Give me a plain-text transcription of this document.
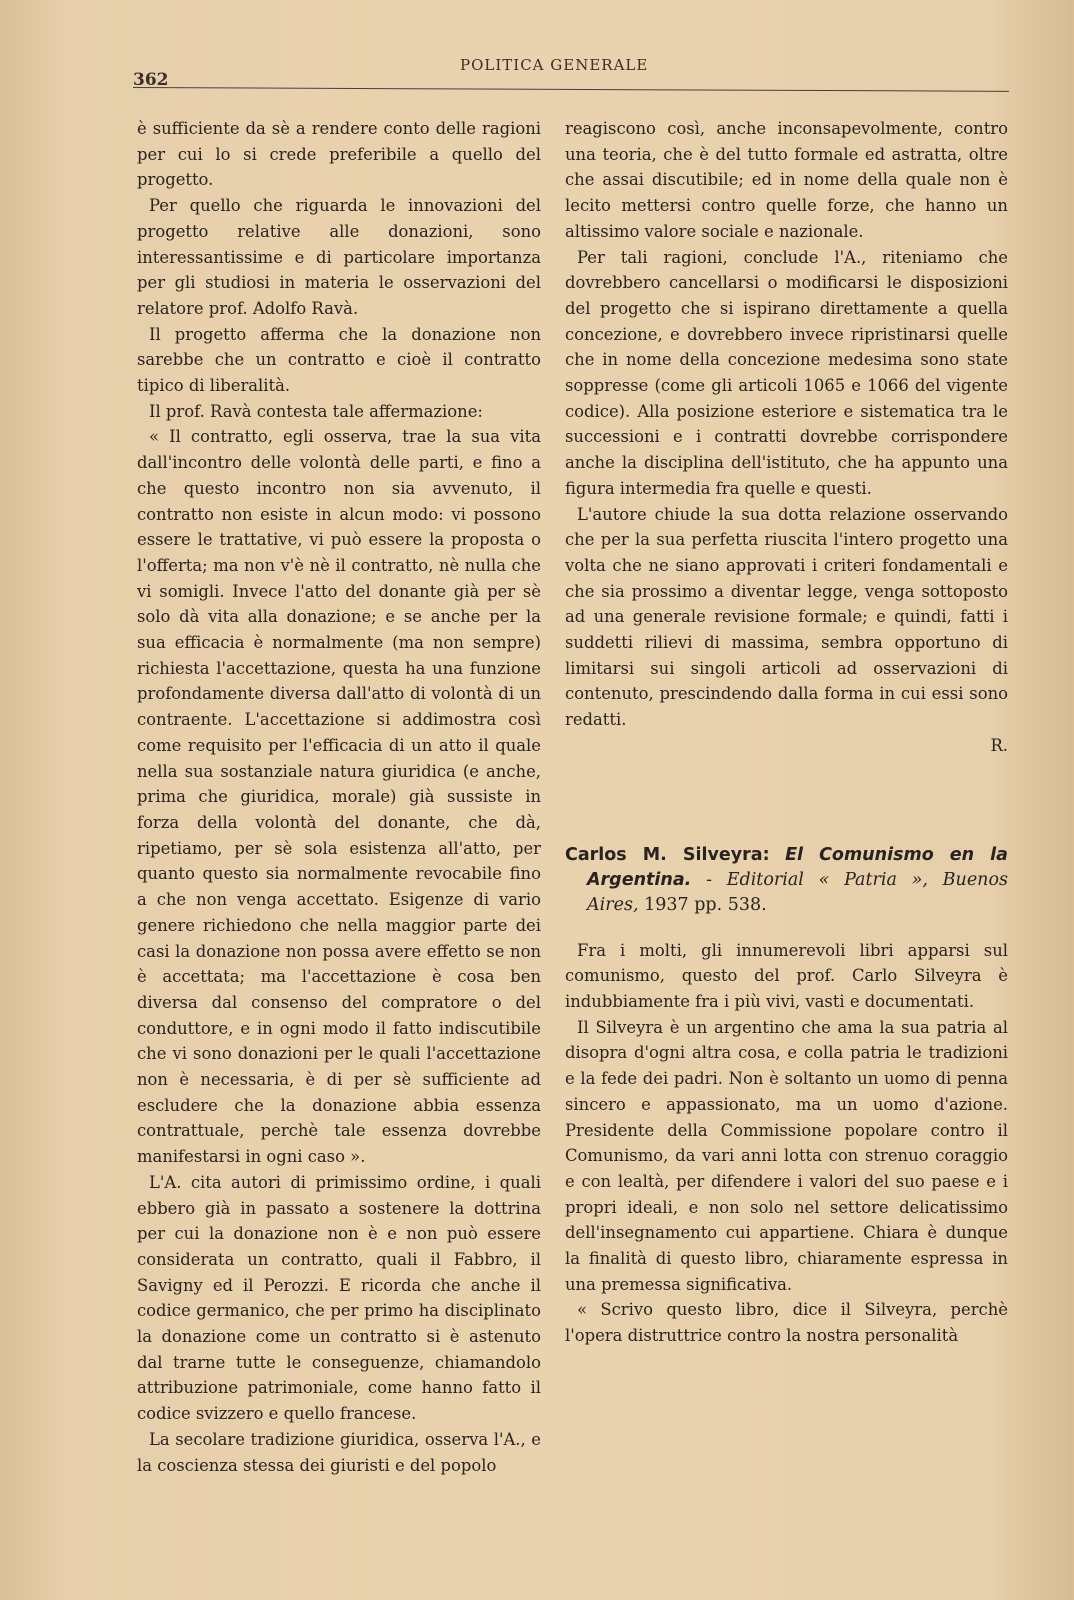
362
POLITICA GENERALE

è sufficiente da sè a rendere conto delle ragioni per cui lo si crede preferibile a quello del progetto.

Per quello che riguarda le innovazioni del progetto relative alle donazioni, sono interessantissime e di particolare importanza per gli studiosi in materia le osservazioni del relatore prof. Adolfo Ravà.

Il progetto afferma che la donazione non sarebbe che un contratto e cioè il contratto tipico di liberalità.

Il prof. Ravà contesta tale affermazione:

« Il contratto, egli osserva, trae la sua vita dall'incontro delle volontà delle parti, e fino a che questo incontro non sia avvenuto, il contratto non esiste in alcun modo: vi possono essere le trattative, vi può essere la proposta o l'offerta; ma non v'è nè il contratto, nè nulla che vi somigli. Invece l'atto del donante già per sè solo dà vita alla donazione; e se anche per la sua efficacia è normalmente (ma non sempre) richiesta l'accettazione, questa ha una funzione profondamente diversa dall'atto di volontà di un contraente. L'accettazione si addimostra così come requisito per l'efficacia di un atto il quale nella sua sostanziale natura giuridica (e anche, prima che giuridica, morale) già sussiste in forza della volontà del donante, che dà, ripetiamo, per sè sola esistenza all'atto, per quanto questo sia normalmente revocabile fino a che non venga accettato. Esigenze di vario genere richiedono che nella maggior parte dei casi la donazione non possa avere effetto se non è accettata; ma l'accettazione è cosa ben diversa dal consenso del compratore o del conduttore, e in ogni modo il fatto indiscutibile che vi sono donazioni per le quali l'accettazione non è necessaria, è di per sè sufficiente ad escludere che la donazione abbia essenza contrattuale, perchè tale essenza dovrebbe manifestarsi in ogni caso ».

L'A. cita autori di primissimo ordine, i quali ebbero già in passato a sostenere la dottrina per cui la donazione non è e non può essere considerata un contratto, quali il Fabbro, il Savigny ed il Perozzi. E ricorda che anche il codice germanico, che per primo ha disciplinato la donazione come un contratto si è astenuto dal trarne tutte le conseguenze, chiamandolo attribuzione patrimoniale, come hanno fatto il codice svizzero e quello francese.

La secolare tradizione giuridica, osserva l'A., e la coscienza stessa dei giuristi e del popolo

reagiscono così, anche inconsapevolmente, contro una teoria, che è del tutto formale ed astratta, oltre che assai discutibile; ed in nome della quale non è lecito mettersi contro quelle forze, che hanno un altissimo valore sociale e nazionale.

Per tali ragioni, conclude l'A., riteniamo che dovrebbero cancellarsi o modificarsi le disposizioni del progetto che si ispirano direttamente a quella concezione, e dovrebbero invece ripristinarsi quelle che in nome della concezione medesima sono state soppresse (come gli articoli 1065 e 1066 del vigente codice). Alla posizione esteriore e sistematica tra le successioni e i contratti dovrebbe corrispondere anche la disciplina dell'istituto, che ha appunto una figura intermedia fra quelle e questi.

L'autore chiude la sua dotta relazione osservando che per la sua perfetta riuscita l'intero progetto una volta che ne siano approvati i criteri fondamentali e che sia prossimo a diventar legge, venga sottoposto ad una generale revisione formale; e quindi, fatti i suddetti rilievi di massima, sembra opportuno di limitarsi sui singoli articoli ad osservazioni di contenuto, prescindendo dalla forma in cui essi sono redatti.

R.

Carlos M. Silveyra: El Comunismo en la Argentina. - Editorial « Patria », Buenos Aires, 1937 pp. 538.

Fra i molti, gli innumerevoli libri apparsi sul comunismo, questo del prof. Carlo Silveyra è indubbiamente fra i più vivi, vasti e documentati.

Il Silveyra è un argentino che ama la sua patria al disopra d'ogni altra cosa, e colla patria le tradizioni e la fede dei padri. Non è soltanto un uomo di penna sincero e appassionato, ma un uomo d'azione. Presidente della Commissione popolare contro il Comunismo, da vari anni lotta con strenuo coraggio e con lealtà, per difendere i valori del suo paese e i propri ideali, e non solo nel settore delicatissimo dell'insegnamento cui appartiene. Chiara è dunque la finalità di questo libro, chiaramente espressa in una premessa significativa.

« Scrivo questo libro, dice il Silveyra, perchè l'opera distruttrice contro la nostra personalità
